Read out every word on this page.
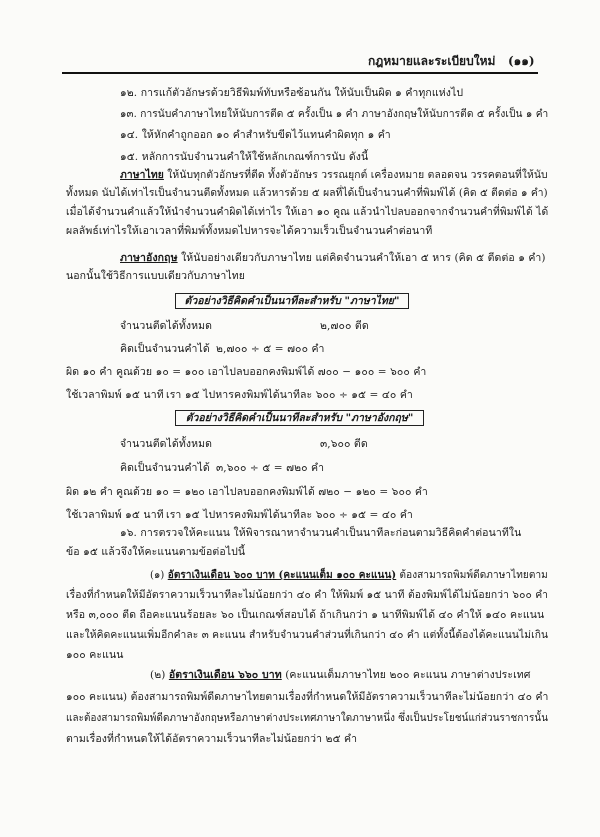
กฎหมายและระเบียบใหม่ (๑๑)
๑๒. การแก้ตัวอักษรด้วยวิธีพิมพ์ทับหรือซ้อนกัน ให้นับเป็นผิด ๑ คำทุกแห่งไป
๑๓. การนับคำภาษาไทยให้นับการตีด ๕ ครั้งเป็น ๑ คำ ภาษาอังกฤษให้นับการตีด ๕ ครั้งเป็น ๑ คำ
๑๔. ให้หักคำถูกออก ๑๐ คำสำหรับขีดไว้แทนคำผิดทุก ๑ คำ
๑๕. หลักการนับจำนวนคำให้ใช้หลักเกณฑ์การนับ ดังนี้
ภาษาไทย ให้นับทุกตัวอักษรที่ตีด ทั้งตัวอักษร วรรณยุกต์ เครื่องหมาย ตลอดจน วรรคตอนที่ให้นับ
ทั้งหมด นับได้เท่าไรเป็นจำนวนตีดทั้งหมด แล้วหารด้วย ๕ ผลที่ได้เป็นจำนวนคำที่พิมพ์ได้ (คิด ๕ ตีดต่อ ๑ คำ)
เมื่อได้จำนวนคำแล้วให้นำจำนวนคำผิดได้เท่าไร ให้เอา ๑๐ คูณ แล้วนำไปลบออกจากจำนวนคำที่พิมพ์ได้ ได้
ผลลัพธ์เท่าไรให้เอาเวลาที่พิมพ์ทั้งหมดไปหารจะได้ความเร็วเป็นจำนวนคำต่อนาที
ภาษาอังกฤษ ให้นับอย่างเดียวกับภาษาไทย แต่คิดจำนวนคำให้เอา ๕ หาร (คิด ๕ ตีดต่อ ๑ คำ)
นอกนั้นใช้วิธีการแบบเดียวกับภาษาไทย
ตัวอย่างวิธีคิดคำเป็นนาทีละสำหรับ "ภาษาไทย"
จำนวนตีดได้ทั้งหมด	๒,๗๐๐ ตีด
คิดเป็นจำนวนคำได้ ๒,๗๐๐ ÷ ๕ = ๗๐๐ คำ
ผิด ๑๐ คำ คูณด้วย ๑๐ = ๑๐๐ เอาไปลบออกคงพิมพ์ได้ ๗๐๐ − ๑๐๐ = ๖๐๐ คำ
ใช้เวลาพิมพ์ ๑๕ นาที เรา ๑๕ ไปหารคงพิมพ์ได้นาทีละ ๖๐๐ ÷ ๑๕ = ๔๐ คำ
ตัวอย่างวิธีคิดคำเป็นนาทีละสำหรับ "ภาษาอังกฤษ"
จำนวนตีดได้ทั้งหมด	๓,๖๐๐ ตีด
คิดเป็นจำนวนคำได้ ๓,๖๐๐ ÷ ๕ = ๗๒๐ คำ
ผิด ๑๒ คำ คูณด้วย ๑๐ = ๑๒๐ เอาไปลบออกคงพิมพ์ได้ ๗๒๐ − ๑๒๐ = ๖๐๐ คำ
ใช้เวลาพิมพ์ ๑๕ นาที เรา ๑๕ ไปหารคงพิมพ์ได้นาทีละ ๖๐๐ ÷ ๑๕ = ๔๐ คำ
๑๖. การตรวจให้คะแนน ให้พิจารณาหาจำนวนคำเป็นนาทีละก่อนตามวิธีคิดคำต่อนาทีใน
ข้อ ๑๕ แล้วจึงให้คะแนนตามข้อต่อไปนี้
(๑) อัตราเงินเดือน ๖๐๐ บาท (คะแนนเต็ม ๑๐๐ คะแนน) ต้องสามารถพิมพ์ดีดภาษาไทยตาม
เรื่องที่กำหนดให้มีอัตราความเร็วนาทีละไม่น้อยกว่า ๔๐ คำ ให้พิมพ์ ๑๕ นาที ต้องพิมพ์ได้ไม่น้อยกว่า ๖๐๐ คำ
หรือ ๓,๐๐๐ ตีด ถือคะแนนร้อยละ ๖๐ เป็นเกณฑ์สอบได้ ถ้าเกินกว่า ๑ นาทีพิมพ์ได้ ๔๐ คำให้ ๑๔๐ คะแนน
และให้คิดคะแนนเพิ่มอีกคำละ ๓ คะแนน สำหรับจำนวนคำส่วนที่เกินกว่า ๔๐ คำ แต่ทั้งนี้ต้องได้คะแนนไม่เกิน
๑๐๐ คะแนน
(๒) อัตราเงินเดือน ๖๖๐ บาท (คะแนนเต็มภาษาไทย ๒๐๐ คะแนน ภาษาต่างประเทศ
๑๐๐ คะแนน) ต้องสามารถพิมพ์ดีดภาษาไทยตามเรื่องที่กำหนดให้มีอัตราความเร็วนาทีละไม่น้อยกว่า ๔๐ คำ
และต้องสามารถพิมพ์ดีดภาษาอังกฤษหรือภาษาต่างประเทศภาษาใดภาษาหนึ่ง ซึ่งเป็นประโยชน์แก่ส่วนราชการนั้น
ตามเรื่องที่กำหนดให้ได้อัตราความเร็วนาทีละไม่น้อยกว่า ๒๕ คำ
